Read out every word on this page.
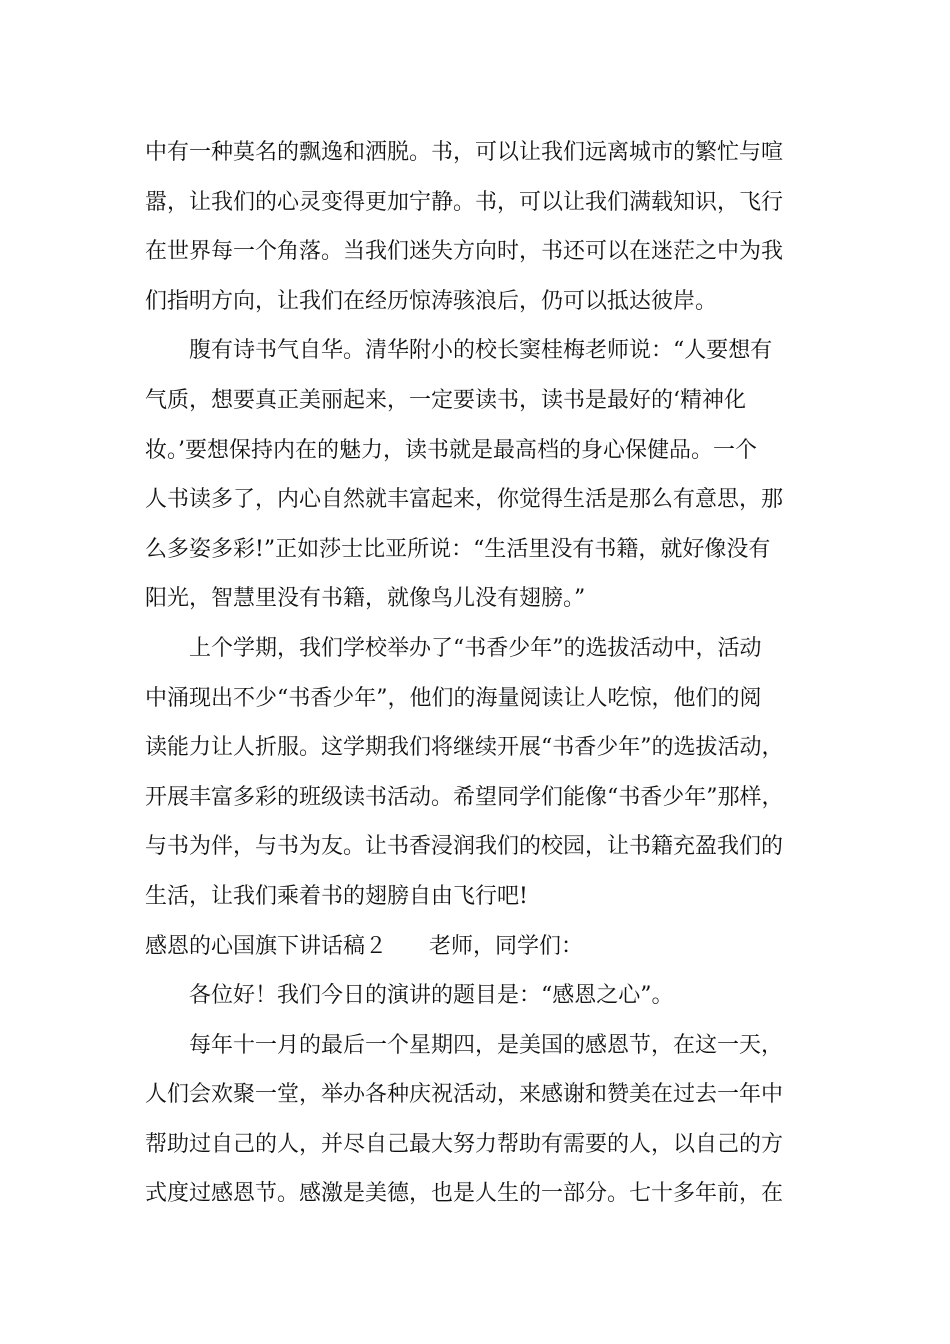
中有一种莫名的飘逸和洒脱。书，可以让我们远离城市的繁忙与喧
嚣，让我们的心灵变得更加宁静。书，可以让我们满载知识，飞行
在世界每一个角落。当我们迷失方向时，书还可以在迷茫之中为我
们指明方向，让我们在经历惊涛骇浪后，仍可以抵达彼岸。
腹有诗书气自华。清华附小的校长窦桂梅老师说：“人要想有
气质，想要真正美丽起来，一定要读书，读书是最好的‘精神化
妆。’要想保持内在的魅力，读书就是最高档的身心保健品。一个
人书读多了，内心自然就丰富起来，你觉得生活是那么有意思，那
么多姿多彩!”正如莎士比亚所说：“生活里没有书籍，就好像没有
阳光，智慧里没有书籍，就像鸟儿没有翅膀。”
上个学期，我们学校举办了“书香少年”的选拔活动中，活动
中涌现出不少“书香少年”，他们的海量阅读让人吃惊，他们的阅
读能力让人折服。这学期我们将继续开展“书香少年”的选拔活动，
开展丰富多彩的班级读书活动。希望同学们能像“书香少年”那样，
与书为伴，与书为友。让书香浸润我们的校园，让书籍充盈我们的
生活，让我们乘着书的翅膀自由飞行吧!
感恩的心国旗下讲话稿２ 老师，同学们：
各位好！我们今日的演讲的题目是：“感恩之心”。
每年十一月的最后一个星期四，是美国的感恩节，在这一天，
人们会欢聚一堂，举办各种庆祝活动，来感谢和赞美在过去一年中
帮助过自己的人，并尽自己最大努力帮助有需要的人，以自己的方
式度过感恩节。感激是美德，也是人生的一部分。七十多年前，在
